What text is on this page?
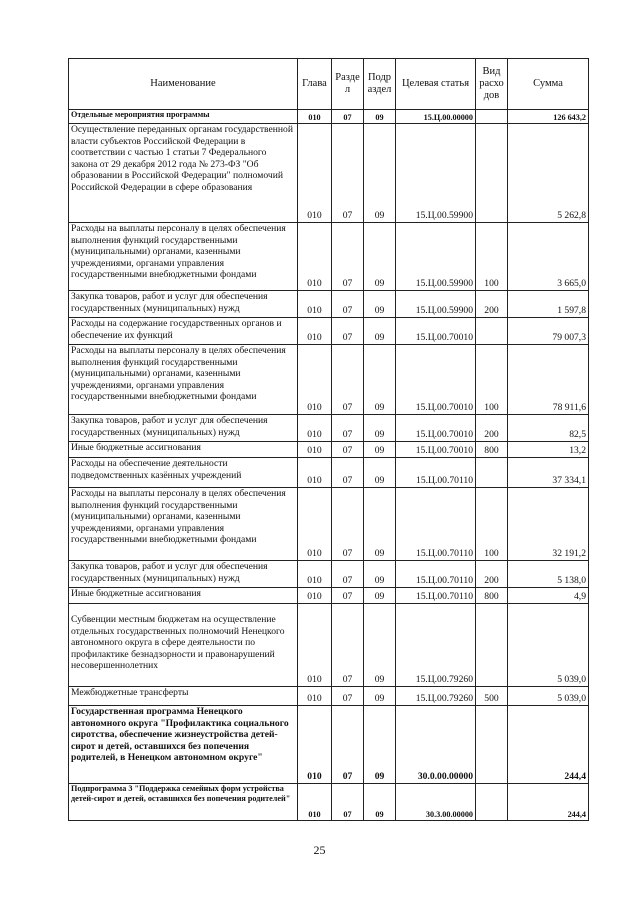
Наименование	Глава	Разде л	Подр аздел	Целевая статья	Вид расхо дов	Сумма
Отдельные мероприятия программы	010	07	09	15.Ц.00.00000		126 643,2
Осуществление переданных органам государственной власти субъектов Российской Федерации в соответствии с частью 1 статьи 7 Федерального закона от 29 декабря 2012 года № 273-ФЗ "Об образовании в Российской Федерации" полномочий Российской Федерации в сфере образования	010	07	09	15.Ц.00.59900		5 262,8
Расходы на выплаты персоналу в целях обеспечения выполнения функций государственными (муниципальными) органами, казенными учреждениями, органами управления государственными внебюджетными фондами	010	07	09	15.Ц.00.59900	100	3 665,0
Закупка товаров, работ и услуг для обеспечения государственных (муниципальных) нужд	010	07	09	15.Ц.00.59900	200	1 597,8
Расходы на содержание государственных органов и обеспечение их функций	010	07	09	15.Ц.00.70010		79 007,3
Расходы на выплаты персоналу в целях обеспечения выполнения функций государственными (муниципальными) органами, казенными учреждениями, органами управления государственными внебюджетными фондами	010	07	09	15.Ц.00.70010	100	78 911,6
Закупка товаров, работ и услуг для обеспечения государственных (муниципальных) нужд	010	07	09	15.Ц.00.70010	200	82,5
Иные бюджетные ассигнования	010	07	09	15.Ц.00.70010	800	13,2
Расходы на обеспечение деятельности подведомственных казённых учреждений	010	07	09	15.Ц.00.70110		37 334,1
Расходы на выплаты персоналу в целях обеспечения выполнения функций государственными (муниципальными) органами, казенными учреждениями, органами управления государственными внебюджетными фондами	010	07	09	15.Ц.00.70110	100	32 191,2
Закупка товаров, работ и услуг для обеспечения государственных (муниципальных) нужд	010	07	09	15.Ц.00.70110	200	5 138,0
Иные бюджетные ассигнования	010	07	09	15.Ц.00.70110	800	4,9
Субвенции местным бюджетам на осуществление отдельных государственных полномочий Ненецкого автономного округа в сфере деятельности по профилактике безнадзорности и правонарушений несовершеннолетних	010	07	09	15.Ц.00.79260		5 039,0
Межбюджетные трансферты	010	07	09	15.Ц.00.79260	500	5 039,0
Государственная программа Ненецкого автономного округа "Профилактика социального сиротства, обеспечение жизнеустройства детей-сирот и детей, оставшихся без попечения родителей, в Ненецком автономном округе"	010	07	09	30.0.00.00000		244,4
Подпрограмма 3 "Поддержка семейных форм устройства детей-сирот и детей, оставшихся без попечения родителей"	010	07	09	30.3.00.00000		244,4
25
